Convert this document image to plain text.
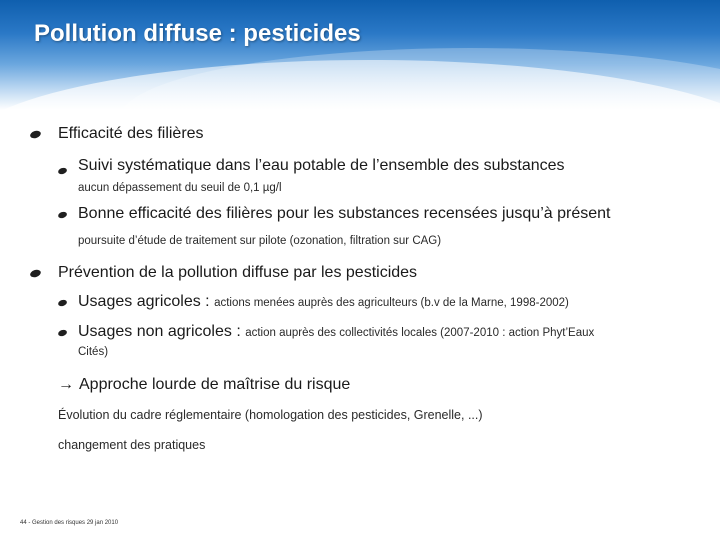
Pollution diffuse : pesticides
Efficacité des filières
Suivi systématique dans l’eau potable de l’ensemble des substances
aucun dépassement du seuil de 0,1 µg/l
Bonne efficacité des filières pour les substances recensées jusqu’à présent
poursuite d’étude de traitement sur pilote (ozonation, filtration sur CAG)
Prévention de la pollution diffuse par les pesticides
Usages agricoles : actions menées auprès des agriculteurs (b.v de la Marne, 1998-2002)
Usages non agricoles : action auprès des collectivités locales (2007-2010 : action Phyt’Eaux
Cités)
→ Approche lourde de maîtrise du risque
Évolution du cadre réglementaire (homologation des pesticides, Grenelle, ...)
changement des pratiques
44 - Gestion des risques 29 jan 2010
